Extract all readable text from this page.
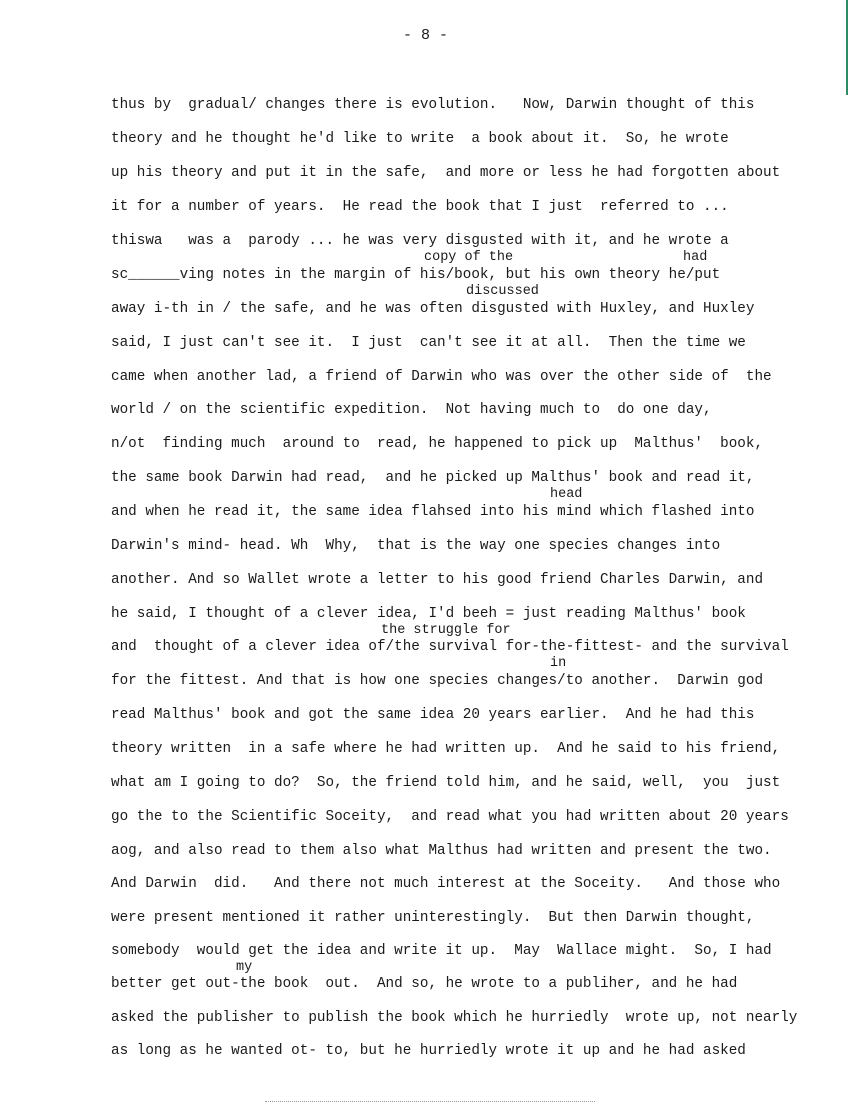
- 8 -
thus by  gradual/ changes there is evolution.   Now, Darwin thought of this
theory and he thought he'd like to write  a book about it.  So, he wrote
up his theory and put it in the safe,  and more or less he had forgotten about
it for a number of years.  He read the book that I just  referred to ...
thiswa   was a  parody ... he was very disgusted with it, and he wrote a
copy of the	had
sc______ving notes in the margin of his/book, but his own theory he/put
discussed
away i-th in / the safe, and he was often disgusted with Huxley, and Huxley
said, I just can't see it.  I just  can't see it at all.  Then the time we
came when another lad, a friend of Darwin who was over the other side of  the
world / on the scientific expedition.  Not having much to  do one day,
n/ot  finding much  around to  read, he happened to pick up  Malthus'  book,
the same book Darwin had read,  and he picked up Malthus' book and read it,
head
and when he read it, the same idea flahsed into his mind which flashed into
Darwin's mind- head. Wh  Why,  that is the way one species changes into
another. And so Wallet wrote a letter to his good friend Charles Darwin, and
he said, I thought of a clever idea, I'd beeh = just reading Malthus' book
the struggle for
and  thought of a clever idea of/the survival for-the-fittest- and the survival
in
for the fittest. And that is how one species changes/to another.  Darwin god
read Malthus' book and got the same idea 20 years earlier.  And he had this
theory written  in a safe where he had written up.  And he said to his friend,
what am I going to do?  So, the friend told him, and he said, well,  you  just
go the to the Scientific Soceity,  and read what you had written about 20 years
aog, and also read to them also what Malthus had written and present the two.
And Darwin  did.   And there not much interest at the Soceity.   And those who
were present mentioned it rather uninterestingly.  But then Darwin thought,
somebody  would get the idea and write it up.  May  Wallace might.  So, I had
my
better get out-the book  out.  And so, he wrote to a publiher, and he had
asked the publisher to publish the book which he hurriedly  wrote up, not nearly
as long as he wanted ot- to, but he hurriedly wrote it up and he had asked
